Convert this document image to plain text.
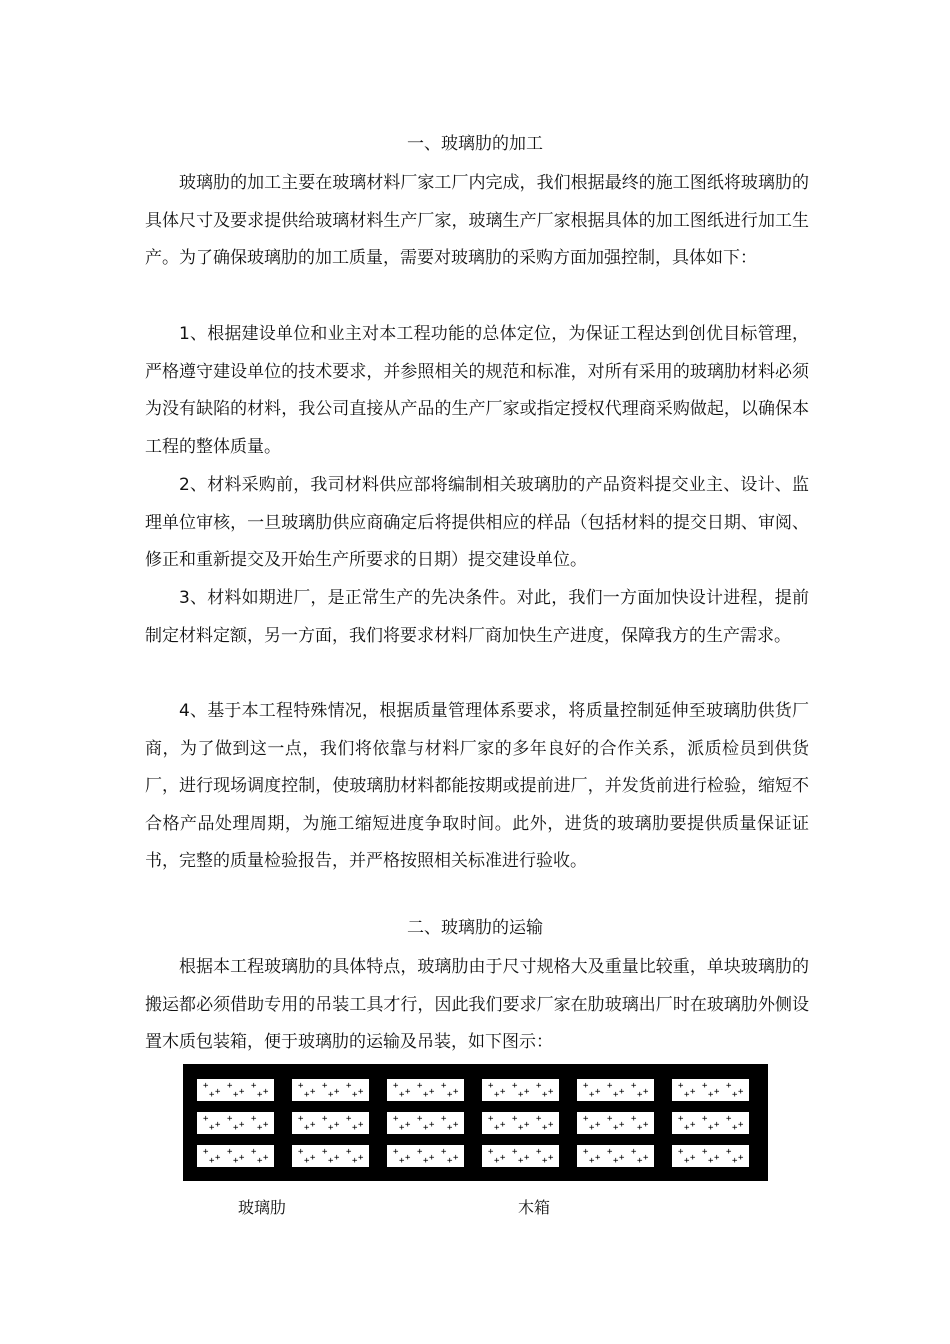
一、玻璃肋的加工

玻璃肋的加工主要在玻璃材料厂家工厂内完成，我们根据最终的施工图纸将玻璃肋的具体尺寸及要求提供给玻璃材料生产厂家，玻璃生产厂家根据具体的加工图纸进行加工生产。为了确保玻璃肋的加工质量，需要对玻璃肋的采购方面加强控制，具体如下：

1、根据建设单位和业主对本工程功能的总体定位，为保证工程达到创优目标管理，严格遵守建设单位的技术要求，并参照相关的规范和标准，对所有采用的玻璃肋材料必须为没有缺陷的材料，我公司直接从产品的生产厂家或指定授权代理商采购做起，以确保本工程的整体质量。

2、材料采购前，我司材料供应部将编制相关玻璃肋的产品资料提交业主、设计、监理单位审核，一旦玻璃肋供应商确定后将提供相应的样品（包括材料的提交日期、审阅、修正和重新提交及开始生产所要求的日期）提交建设单位。

3、材料如期进厂，是正常生产的先决条件。对此，我们一方面加快设计进程，提前制定材料定额，另一方面，我们将要求材料厂商加快生产进度，保障我方的生产需求。

4、基于本工程特殊情况，根据质量管理体系要求，将质量控制延伸至玻璃肋供货厂商，为了做到这一点，我们将依靠与材料厂家的多年良好的合作关系，派质检员到供货厂，进行现场调度控制，使玻璃肋材料都能按期或提前进厂，并发货前进行检验，缩短不合格产品处理周期，为施工缩短进度争取时间。此外，进货的玻璃肋要提供质量保证证书，完整的质量检验报告，并严格按照相关标准进行验收。

二、玻璃肋的运输

根据本工程玻璃肋的具体特点，玻璃肋由于尺寸规格大及重量比较重，单块玻璃肋的搬运都必须借助专用的吊装工具才行，因此我们要求厂家在肋玻璃出厂时在玻璃肋外侧设置木质包装箱，便于玻璃肋的运输及吊装，如下图示：

+
+
+
+
+
+
+ + +
+
+
+
+
+
+
+ + +
+
+
+
+
+
+
+ + +
+
+
+
+
+
+
+ + +
+
+
+
+
+
+
+ + +
+
+
+
+
+
+
+ + +
+
+
+
+
+
+
+ + +
+
+
+
+
+
+
+ + +
+
+
+
+
+
+
+ + +
+
+
+
+
+
+
+ + +
+
+
+
+
+
+
+ + +
+
+
+
+
+
+
+ + +
+
+
+
+
+
+
+ + +
+
+
+
+
+
+
+ + +
+
+
+
+
+
+
+ + +
+
+
+
+
+
+
+ + +
+
+
+
+
+
+
+ + +
+
+
+
+
+
+
+ + +
玻璃肋	木箱
